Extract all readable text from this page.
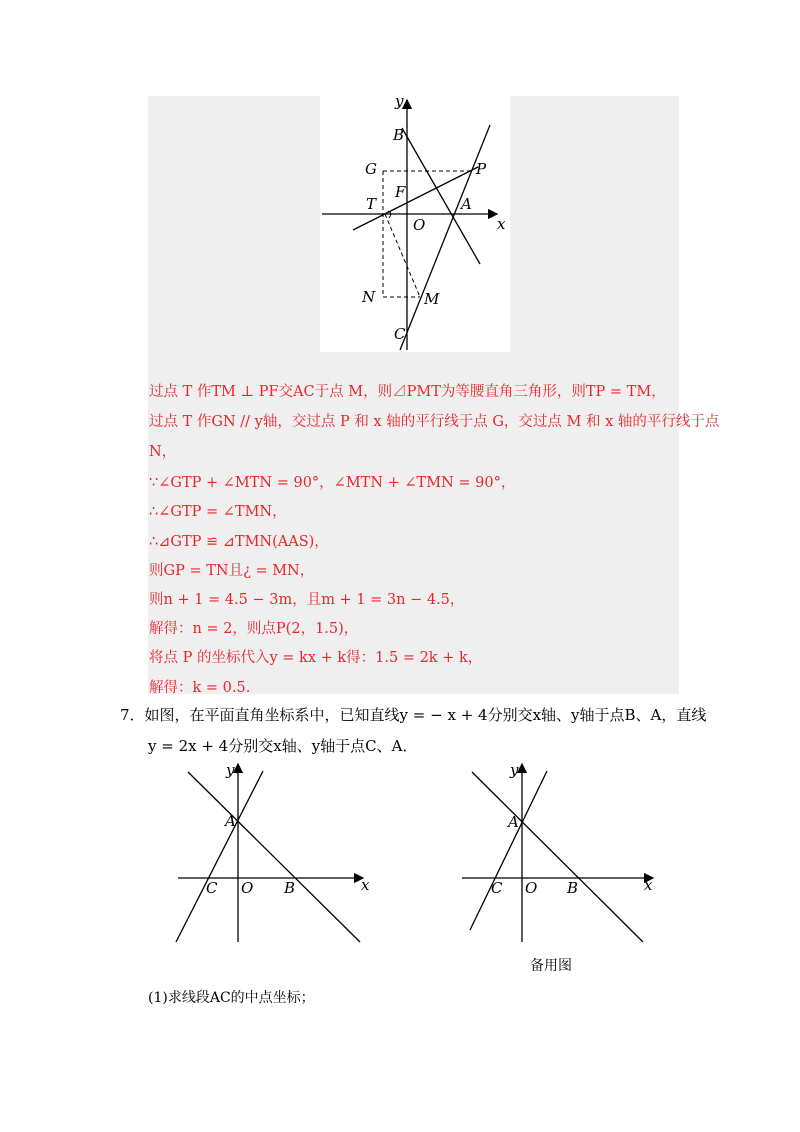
y
B
G	P
F
T	A
O	x
N	M
C
过点 T 作TM ⊥ PF交AC于点 M，则⊿PMT为等腰直角三角形，则TP = TM，
过点 T 作GN // y轴，交过点 P 和 x 轴的平行线于点 G，交过点 M 和 x 轴的平行线于点
N，
∵∠GTP + ∠MTN = 90°，∠MTN + ∠TMN = 90°，
∴∠GTP = ∠TMN，
∴⊿GTP ≌ ⊿TMN(AAS)，
则GP = TN且¿ = MN，
则n + 1 = 4.5 − 3m，且m + 1 = 3n − 4.5，
解得：n = 2，则点P(2，1.5)，
将点 P 的坐标代入y = kx + k得：1.5 = 2k + k，
解得：k = 0.5.
7．如图，在平面直角坐标系中，已知直线y = − x + 4分别交x轴、y轴于点B、A，直线
y = 2x + 4分别交x轴、y轴于点C、A．
y
A
C O B	x
y
A
C O B	x
备用图
(1)求线段AC的中点坐标；
